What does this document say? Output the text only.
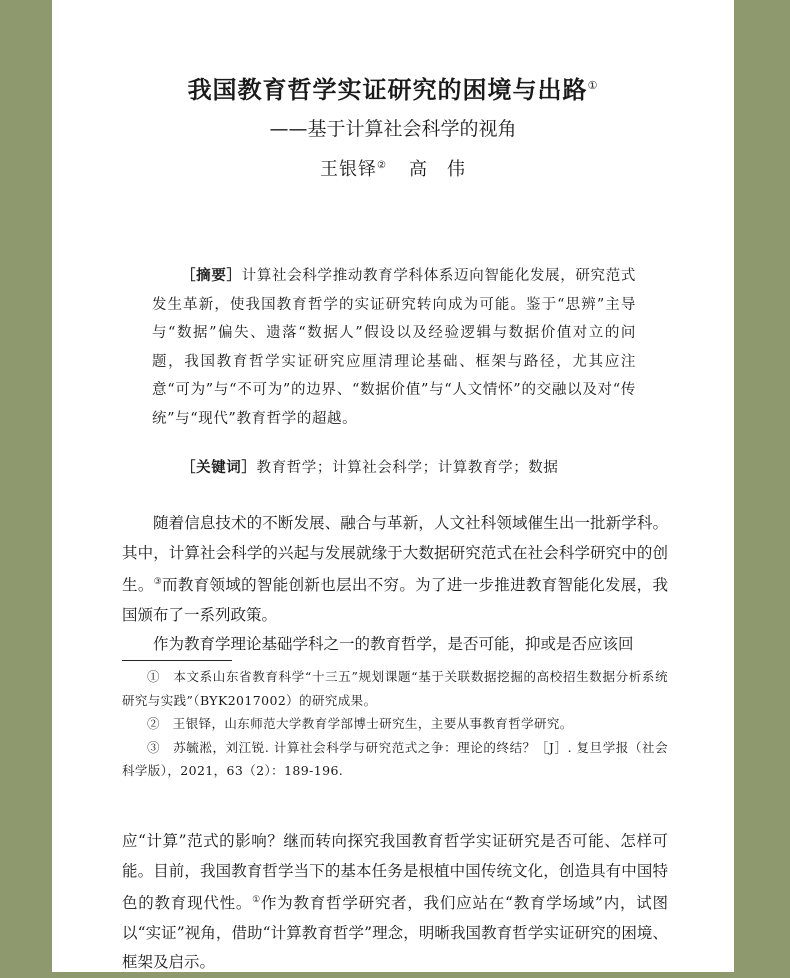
我国教育哲学实证研究的困境与出路①
——基于计算社会科学的视角
王银铎② 高　伟

［摘要］计算社会科学推动教育学科体系迈向智能化发展，研究范式发生革新，使我国教育哲学的实证研究转向成为可能。鉴于“思辨”主导与“数据”偏失、遗落“数据人”假设以及经验逻辑与数据价值对立的问题，我国教育哲学实证研究应厘清理论基础、框架与路径，尤其应注意“可为”与“不可为”的边界、“数据价值”与“人文情怀”的交融以及对“传统”与“现代”教育哲学的超越。

［关键词］教育哲学；计算社会科学；计算教育学；数据

随着信息技术的不断发展、融合与革新，人文社科领域催生出一批新学科。其中，计算社会科学的兴起与发展就缘于大数据研究范式在社会科学研究中的创生。③而教育领域的智能创新也层出不穷。为了进一步推进教育智能化发展，我国颁布了一系列政策。

作为教育学理论基础学科之一的教育哲学，是否可能，抑或是否应该回

①　本文系山东省教育科学“十三五”规划课题“基于关联数据挖掘的高校招生数据分析系统研究与实践”（BYK2017002）的研究成果。

②　王银铎，山东师范大学教育学部博士研究生，主要从事教育哲学研究。

③　苏毓淞，刘江锐. 计算社会科学与研究范式之争：理论的终结？［J］. 复旦学报（社会科学版），2021，63（2）：189-196.

应“计算”范式的影响？继而转向探究我国教育哲学实证研究是否可能、怎样可能。目前，我国教育哲学当下的基本任务是根植中国传统文化，创造具有中国特色的教育现代性。①作为教育哲学研究者，我们应站在“教育学场域”内，试图以“实证”视角，借助“计算教育哲学”理念，明晰我国教育哲学实证研究的困境、框架及启示。
